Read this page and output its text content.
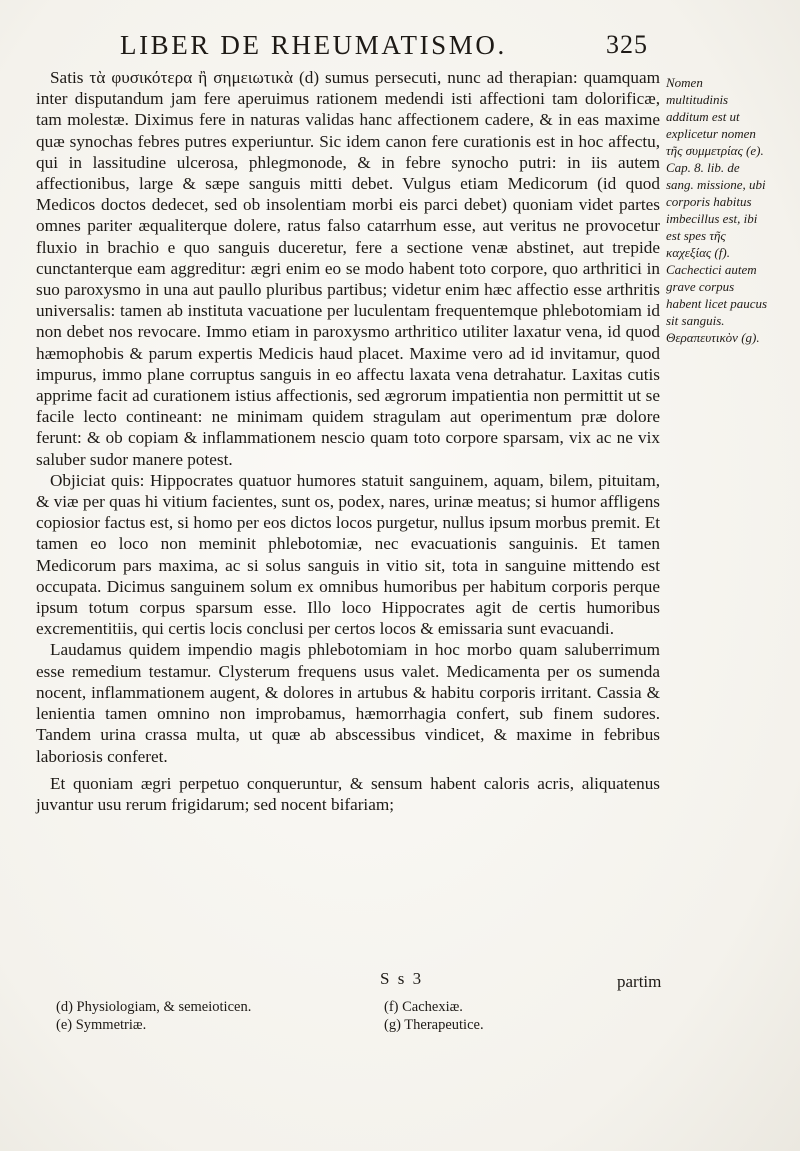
LIBER DE RHEUMATISMO.	325

Satis τὰ φυσικότερα ἢ σημειωτικὰ (d) sumus persecuti, nunc ad therapian: quamquam inter disputandum jam fere aperuimus rationem medendi isti affectioni tam dolorificæ, tam molestæ. Diximus fere in naturas validas hanc affectionem cadere, & in eas maxime quæ synochas febres putres experiuntur. Sic idem canon fere curationis est in hoc affectu, qui in lassitudine ulcerosa, phlegmonode, & in febre synocho putri: in iis autem affectionibus, large & sæpe sanguis mitti debet. Vulgus etiam Medicorum (id quod Medicos doctos dedecet, sed ob insolentiam morbi eis parci debet) quoniam videt partes omnes pariter æqualiterque dolere, ratus falso catarrhum esse, aut veritus ne provocetur fluxio in brachio e quo sanguis duceretur, fere a sectione venæ abstinet, aut trepide cunctanterque eam aggreditur: ægri enim eo se modo habent toto corpore, quo arthritici in suo paroxysmo in una aut paullo pluribus partibus; videtur enim hæc affectio esse arthritis universalis: tamen ab instituta vacuatione per luculentam frequentemque phlebotomiam id non debet nos revocare. Immo etiam in paroxysmo arthritico utiliter laxatur vena, id quod hæmophobis & parum expertis Medicis haud placet. Maxime vero ad id invitamur, quod impurus, immo plane corruptus sanguis in eo affectu laxata vena detrahatur. Laxitas cutis apprime facit ad curationem istius affectionis, sed ægrorum impatientia non permittit ut se facile lecto contineant: ne minimam quidem stragulam aut operimentum præ dolore ferunt: & ob copiam & inflammationem nescio quam toto corpore sparsam, vix ac ne vix saluber sudor manere potest.

Objiciat quis: Hippocrates quatuor humores statuit sanguinem, aquam, bilem, pituitam, & viæ per quas hi vitium facientes, sunt os, podex, nares, urinæ meatus; si humor affligens copiosior factus est, si homo per eos dictos locos purgetur, nullus ipsum morbus premit. Et tamen eo loco non meminit phlebotomiæ, nec evacuationis sanguinis. Et tamen Medicorum pars maxima, ac si solus sanguis in vitio sit, tota in sanguine mittendo est occupata. Dicimus sanguinem solum ex omnibus humoribus per habitum corporis perque ipsum totum corpus sparsum esse. Illo loco Hippocrates agit de certis humoribus excrementitiis, qui certis locis conclusi per certos locos & emissaria sunt evacuandi.

Laudamus quidem impendio magis phlebotomiam in hoc morbo quam saluberrimum esse remedium testamur. Clysterum frequens usus valet. Medicamenta per os sumenda nocent, inflammationem augent, & dolores in artubus & habitu corporis irritant. Cassia & lenientia tamen omnino non improbamus, hæmorrhagia confert, sub finem sudores. Tandem urina crassa multa, ut quæ ab abscessibus vindicet, & maxime in febribus laboriosis conferet.

Et quoniam ægri perpetuo conqueruntur, & sensum habent caloris acris, aliquatenus juvantur usu rerum frigidarum; sed nocent bifariam;

Nomen multitudinis additum est ut explicetur nomen τῆς συμμετρίας (e). Cap. 8. lib. de sang. missione, ubi corporis habitus imbecillus est, ibi est spes τῆς καχεξίας (f). Cachectici autem grave corpus habent licet paucus sit sanguis. Θεραπευτικὸν (g).
S s 3	partim
(d) Physiologiam, & semeioticen.
(e) Symmetriæ.
(f) Cachexiæ.
(g) Therapeutice.
